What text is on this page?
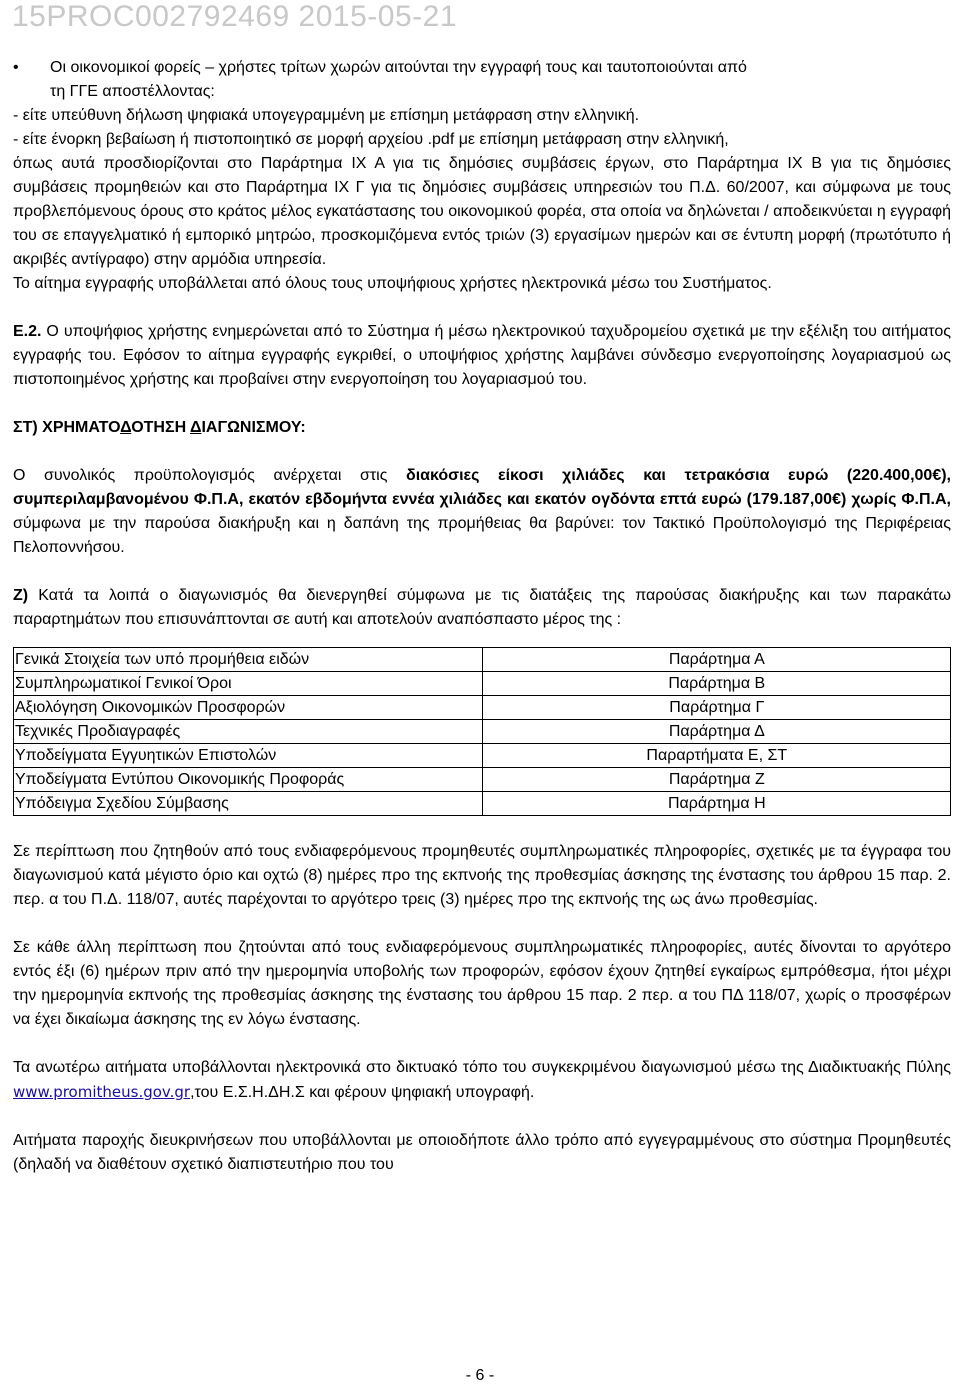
15PROC002792469 2015-05-21
• Οι οικονομικοί φορείς – χρήστες τρίτων χωρών αιτούνται την εγγραφή τους και ταυτοποιούνται από

τη ΓΓΕ αποστέλλοντας:

- είτε υπεύθυνη δήλωση ψηφιακά υπογεγραμμένη με επίσημη μετάφραση στην ελληνική.

- είτε ένορκη βεβαίωση ή πιστοποιητικό σε μορφή αρχείου .pdf με επίσημη μετάφραση στην ελληνική,

όπως αυτά προσδιορίζονται στο Παράρτημα ΙΧ Α για τις δημόσιες συμβάσεις έργων, στο Παράρτημα ΙΧ Β για τις δημόσιες συμβάσεις προμηθειών και στο Παράρτημα ΙΧ Γ για τις δημόσιες συμβάσεις υπηρεσιών του Π.Δ. 60/2007, και σύμφωνα με τους προβλεπόμενους όρους στο κράτος μέλος εγκατάστασης του οικονομικού φορέα, στα οποία να δηλώνεται / αποδεικνύεται η εγγραφή του σε επαγγελματικό ή εμπορικό μητρώο, προσκομιζόμενα εντός τριών (3) εργασίμων ημερών και σε έντυπη μορφή (πρωτότυπο ή ακριβές αντίγραφο) στην αρμόδια υπηρεσία.

Το αίτημα εγγραφής υποβάλλεται από όλους τους υποψήφιους χρήστες ηλεκτρονικά μέσω του Συστήματος.

Ε.2. Ο υποψήφιος χρήστης ενημερώνεται από το Σύστημα ή μέσω ηλεκτρονικού ταχυδρομείου σχετικά με την εξέλιξη του αιτήματος εγγραφής του. Εφόσον το αίτημα εγγραφής εγκριθεί, ο υποψήφιος χρήστης λαμβάνει σύνδεσμο ενεργοποίησης λογαριασμού ως πιστοποιημένος χρήστης και προβαίνει στην ενεργοποίηση του λογαριασμού του.

ΣΤ) ΧΡΗΜΑΤΟΔΟΤΗΣΗ ΔΙΑΓΩΝΙΣΜΟΥ:

Ο συνολικός προϋπολογισμός ανέρχεται στις διακόσιες είκοσι χιλιάδες και τετρακόσια ευρώ (220.400,00€), συμπεριλαμβανομένου Φ.Π.Α, εκατόν εβδομήντα εννέα χιλιάδες και εκατόν ογδόντα επτά ευρώ (179.187,00€) χωρίς Φ.Π.Α, σύμφωνα με την παρούσα διακήρυξη και η δαπάνη της προμήθειας θα βαρύνει: τον Τακτικό Προϋπολογισμό της Περιφέρειας Πελοποννήσου.

Ζ) Κατά τα λοιπά ο διαγωνισμός θα διενεργηθεί σύμφωνα με τις διατάξεις της παρούσας διακήρυξης και των παρακάτω παραρτημάτων που επισυνάπτονται σε αυτή και αποτελούν αναπόσπαστο μέρος της :

Γενικά Στοιχεία των υπό προμήθεια ειδών	Παράρτημα Α
Συμπληρωματικοί Γενικοί Όροι	Παράρτημα Β
Αξιολόγηση Οικονομικών Προσφορών	Παράρτημα Γ
Τεχνικές Προδιαγραφές	Παράρτημα Δ
Υποδείγματα Εγγυητικών Επιστολών	Παραρτήματα Ε, ΣΤ
Υποδείγματα Εντύπου Οικονομικής Προφοράς	Παράρτημα Ζ
Υπόδειγμα Σχεδίου Σύμβασης	Παράρτημα Η

Σε περίπτωση που ζητηθούν από τους ενδιαφερόμενους προμηθευτές συμπληρωματικές πληροφορίες, σχετικές με τα έγγραφα του διαγωνισμού κατά μέγιστο όριο και οχτώ (8) ημέρες προ της εκπνοής της προθεσμίας άσκησης της ένστασης του άρθρου 15 παρ. 2. περ. α του Π.Δ. 118/07, αυτές παρέχονται το αργότερο τρεις (3) ημέρες προ της εκπνοής της ως άνω προθεσμίας.

Σε κάθε άλλη περίπτωση που ζητούνται από τους ενδιαφερόμενους συμπληρωματικές πληροφορίες, αυτές δίνονται το αργότερο εντός έξι (6) ημέρων πριν από την ημερομηνία υποβολής των προφορών, εφόσον έχουν ζητηθεί εγκαίρως εμπρόθεσμα, ήτοι μέχρι την ημερομηνία εκπνοής της προθεσμίας άσκησης της ένστασης του άρθρου 15 παρ. 2 περ. α του ΠΔ 118/07, χωρίς ο προσφέρων να έχει δικαίωμα άσκησης της εν λόγω ένστασης.

Τα ανωτέρω αιτήματα υποβάλλονται ηλεκτρονικά στο δικτυακό τόπο του συγκεκριμένου διαγωνισμού μέσω της Διαδικτυακής Πύλης www.promitheus.gov.gr,του Ε.Σ.Η.ΔΗ.Σ και φέρουν ψηφιακή υπογραφή.

Αιτήματα παροχής διευκρινήσεων που υποβάλλονται με οποιοδήποτε άλλο τρόπο από εγγεγραμμένους στο σύστημα Προμηθευτές (δηλαδή να διαθέτουν σχετικό διαπιστευτήριο που του

- 6 -
